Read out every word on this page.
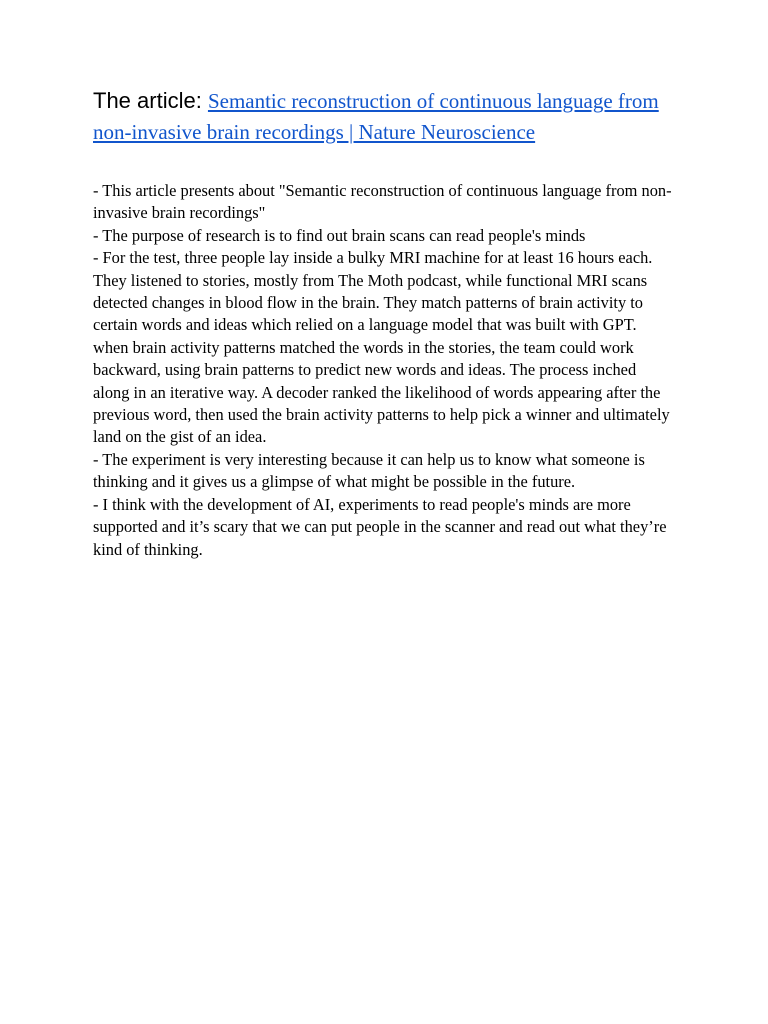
The article: Semantic reconstruction of continuous language from non-invasive brain recordings | Nature Neuroscience

- This article presents about "Semantic reconstruction of continuous language from non-invasive brain recordings"

- The purpose of research is to find out brain scans can read people's minds

- For the test, three people lay inside a bulky MRI machine for at least 16 hours each. They listened to stories, mostly from The Moth podcast, while functional MRI scans detected changes in blood flow in the brain. They match patterns of brain activity to certain words and ideas which relied on a language model that was built with GPT. when brain activity patterns matched the words in the stories, the team could work backward, using brain patterns to predict new words and ideas. The process inched along in an iterative way. A decoder ranked the likelihood of words appearing after the previous word, then used the brain activity patterns to help pick a winner and ultimately land on the gist of an idea.

- The experiment is very interesting because it can help us to know what someone is thinking and it gives us a glimpse of what might be possible in the future.

- I think with the development of AI, experiments to read people's minds are more supported and it’s scary that we can put people in the scanner and read out what they’re kind of thinking.
